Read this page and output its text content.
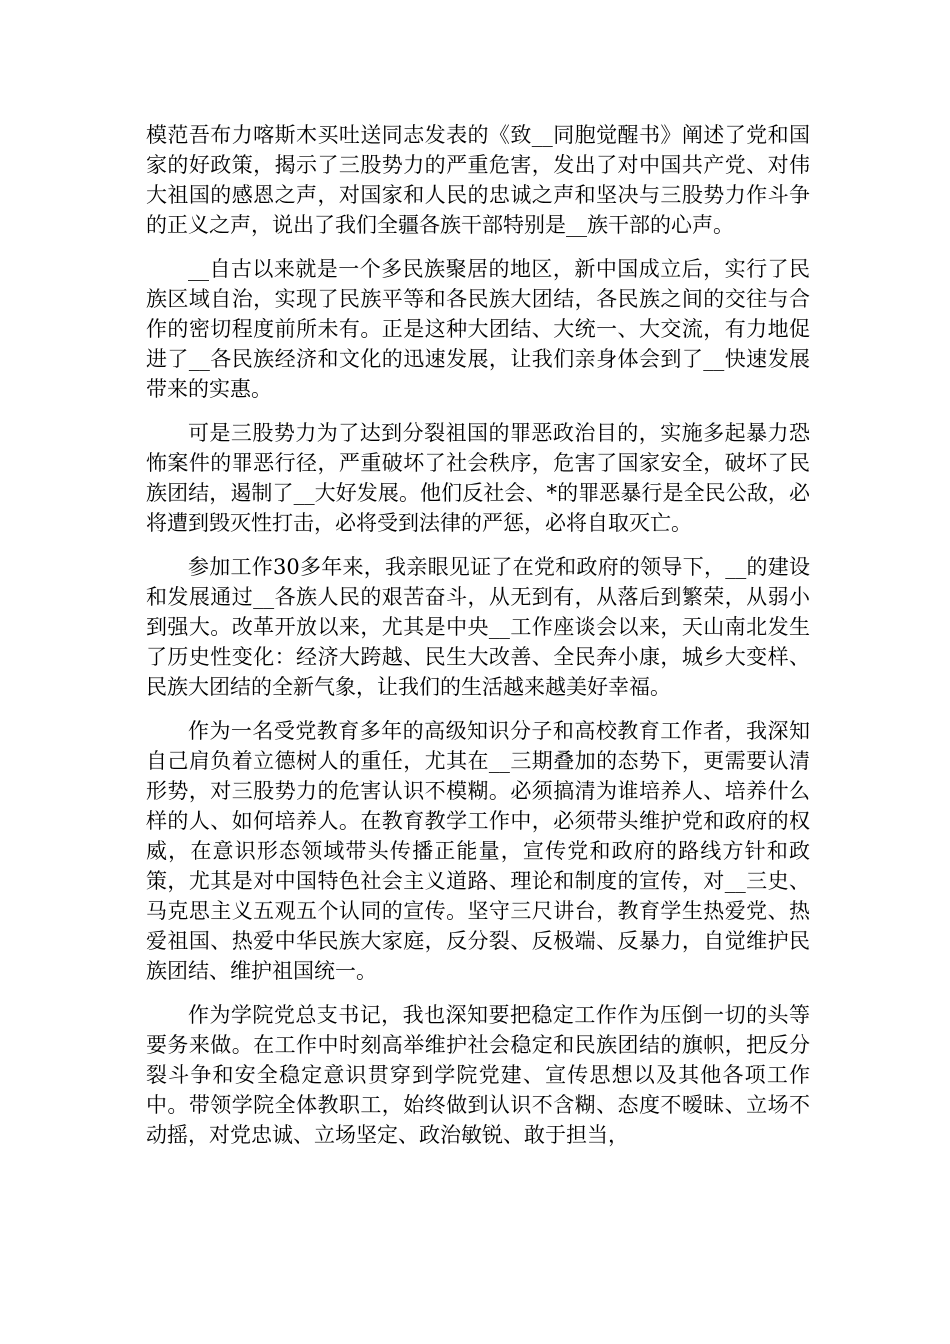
模范吾布力喀斯木买吐送同志发表的《致__同胞觉醒书》阐述了党和国家的好政策，揭示了三股势力的严重危害，发出了对中国共产党、对伟大祖国的感恩之声，对国家和人民的忠诚之声和坚决与三股势力作斗争的正义之声，说出了我们全疆各族干部特别是__族干部的心声。

__自古以来就是一个多民族聚居的地区，新中国成立后，实行了民族区域自治，实现了民族平等和各民族大团结，各民族之间的交往与合作的密切程度前所未有。正是这种大团结、大统一、大交流，有力地促进了__各民族经济和文化的迅速发展，让我们亲身体会到了__快速发展带来的实惠。

可是三股势力为了达到分裂祖国的罪恶政治目的，实施多起暴力恐怖案件的罪恶行径，严重破坏了社会秩序，危害了国家安全，破坏了民族团结，遏制了__大好发展。他们反社会、*的罪恶暴行是全民公敌，必将遭到毁灭性打击，必将受到法律的严惩，必将自取灭亡。

参加工作30多年来，我亲眼见证了在党和政府的领导下，__的建设和发展通过__各族人民的艰苦奋斗，从无到有，从落后到繁荣，从弱小到强大。改革开放以来，尤其是中央__工作座谈会以来，天山南北发生了历史性变化：经济大跨越、民生大改善、全民奔小康，城乡大变样、民族大团结的全新气象，让我们的生活越来越美好幸福。

作为一名受党教育多年的高级知识分子和高校教育工作者，我深知自己肩负着立德树人的重任，尤其在__三期叠加的态势下，更需要认清形势，对三股势力的危害认识不模糊。必须搞清为谁培养人、培养什么样的人、如何培养人。在教育教学工作中，必须带头维护党和政府的权威，在意识形态领域带头传播正能量，宣传党和政府的路线方针和政策，尤其是对中国特色社会主义道路、理论和制度的宣传，对__三史、马克思主义五观五个认同的宣传。坚守三尺讲台，教育学生热爱党、热爱祖国、热爱中华民族大家庭，反分裂、反极端、反暴力，自觉维护民族团结、维护祖国统一。

作为学院党总支书记，我也深知要把稳定工作作为压倒一切的头等要务来做。在工作中时刻高举维护社会稳定和民族团结的旗帜，把反分裂斗争和安全稳定意识贯穿到学院党建、宣传思想以及其他各项工作中。带领学院全体教职工，始终做到认识不含糊、态度不暧昧、立场不动摇，对党忠诚、立场坚定、政治敏锐、敢于担当，
